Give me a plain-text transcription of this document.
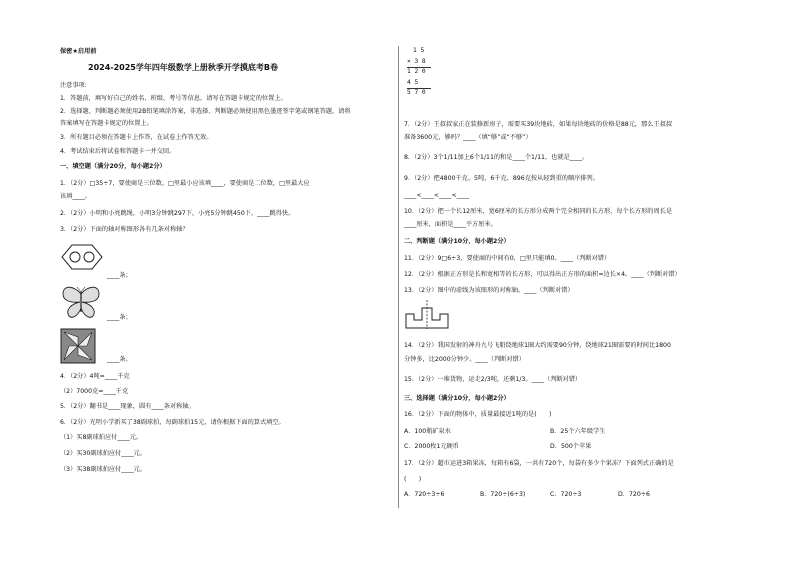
保密★启用前
2024-2025学年四年级数学上册秋季开学摸底考B卷
注意事项:
1．答题前，填写好自己的姓名、班级、考号等信息，请写在答题卡规定的位置上。
2．选择题、判断题必须使用2B铅笔填涂答案，非选择、判断题必须使用黑色墨迹签字笔或钢笔答题，请将
答案填写在答题卡规定的位置上。
3．所有题目必须在答题卡上作答，在试卷上作答无效。
4．考试结束后将试卷和答题卡一并交回。
一、填空题（满分20分，每小题2分）
1．（2分）□35÷7，要使商是三位数，□里最小应该填____，要使商是二位数，□里最大应
该填____。
2．（2分）小明和小亮跳绳，小明3分钟跳297下，小亮5分钟跳450下，____跳得快。
3．（2分）下面的轴对称图形各有几条对称轴？
____条；
____条；
____条。
4．（2分）4吨=____千克
（2）7000克=____千克
5．（2分）翻书是____现象，圆有____条对称轴。
6．（2分）光明小学新买了38副球拍，每副球拍15元，请你根据下面的算式填空。
（1）买8副球拍应付____元。
（2）买30副球拍应付____元。
（3）买38副球拍应付____元。
1 5
× 3 8
1 2 0
4 5
5 7 0
7．（2分）王叔叔家正在装修新房子，需要买39块地砖，如果每块地砖的价格是88元，那么王叔叔
准备3600元，够吗？____（填“够”或“不够”）
8．（2分）3个1/11加上6个1/11的和是____个1/11，也就是____。
9．（2分）把4800千克、5吨、6千克、896克按从轻到重的顺序排列。
____<____<____<____
10．（2分）把一个长12厘米，宽6厘米的长方形分成两个完全相同的长方形，每个长方形的周长是
____厘米，面积是____平方厘米。
二、判断题（满分10分，每小题2分）
11．（2分）9□6÷3，要使商的中间有0，□里只能填0。____（判断对错）
12．（2分）根据正方形是长和宽相等的长方形，可以得出正方形的面积=边长×4。____（判断对错）
13．（2分）图中的虚线为该图形的对称轴。____（判断对错）
14．（2分）我国发射的神舟九号飞船绕地球1圈大约需要90分钟，绕地球21圈需要的时间比1800
分钟多，比2000分钟少。____（判断对错）
15．（2分）一堆货物，运走2/3吨，还剩1/3。____（判断对错）
三、选择题（满分10分，每小题2分）
16．（2分）下面的物体中，质量最接近1吨的是(　　)
A．100瓶矿泉水	B．25个六年级学生
C．2000枚1元硬币	D．500个苹果
17．（2分）超市运进3箱果冻，每箱有6袋，一共有720个，每袋有多少个果冻？下面列式正确的是
(　　)
A．720÷3÷6	B．720÷(6÷3)	C．720÷3	D．720÷6
